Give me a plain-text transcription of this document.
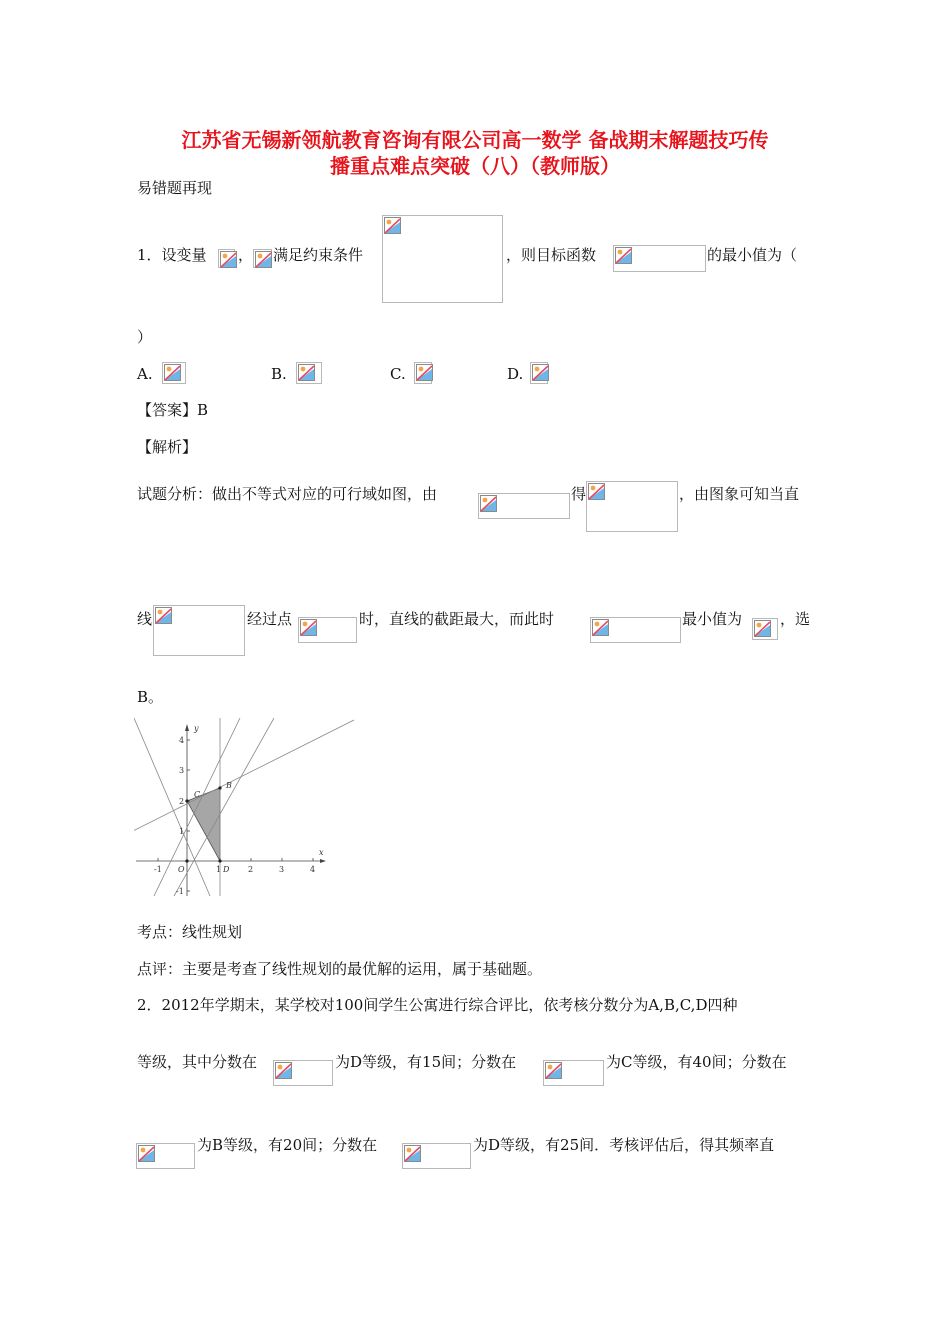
江苏省无锡新领航教育咨询有限公司高一数学 备战期末解题技巧传
播重点难点突破（八）（教师版）
易错题再现
1．设变量 ， 满足约束条件	，则目标函数	的最小值为（
）
A.	B.	C.	D.
【答案】B
【解析】
试题分析：做出不等式对应的可行域如图，由	得	，由图象可知当直
线	经过点	时，直线的截距最大，而此时	最小值为	，选
B。
-1 O	1 D 2	3	4
x
4
3
2
1
-1
y
C
B
考点：线性规划
点评：主要是考查了线性规划的最优解的运用，属于基础题。
2．2012年学期末，某学校对100间学生公寓进行综合评比，依考核分数分为A,B,C,D四种
等级，其中分数在	为D等级，有15间；分数在	为C等级，有40间；分数在
为B等级，有20间；分数在	为D等级，有25间．考核评估后，得其频率直
